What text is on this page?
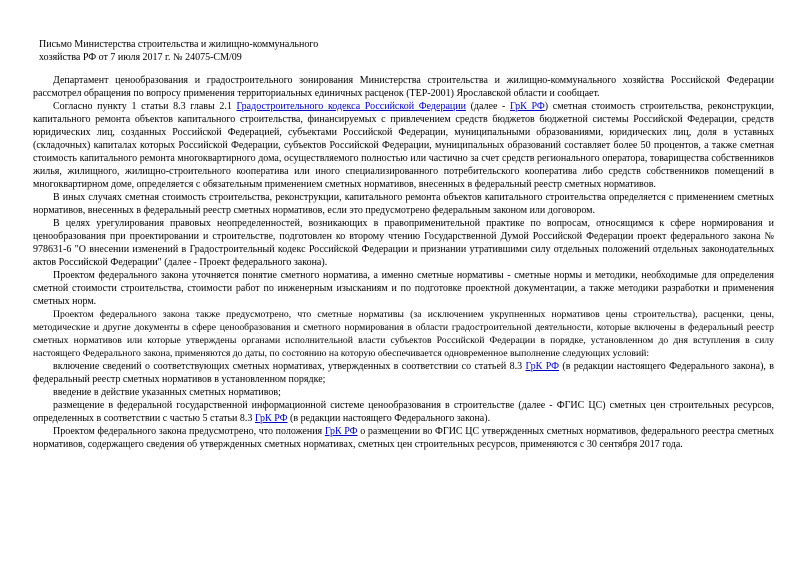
Письмо Министерства строительства и жилищно-коммунального
хозяйства РФ от 7 июля 2017 г. № 24075-СМ/09

Департамент ценообразования и градостроительного зонирования Министерства строительства и жилищно-коммунального хозяйства Российской Федерации рассмотрел обращения по вопросу применения территориальных единичных расценок (ТЕР-2001) Ярославской области и сообщает.

Согласно пункту 1 статьи 8.3 главы 2.1 Градостроительного кодекса Российской Федерации (далее - ГрК РФ) сметная стоимость строительства, реконструкции, капитального ремонта объектов капитального строительства, финансируемых с привлечением средств бюджетов бюджетной системы Российской Федерации, средств юридических лиц, созданных Российской Федерацией, субъектами Российской Федерации, муниципальными образованиями, юридических лиц, доля в уставных (складочных) капиталах которых Российской Федерации, субъектов Российской Федерации, муниципальных образований составляет более 50 процентов, а также сметная стоимость капитального ремонта многоквартирного дома, осуществляемого полностью или частично за счет средств регионального оператора, товарищества собственников жилья, жилищного, жилищно-строительного кооператива или иного специализированного потребительского кооператива либо средств собственников помещений в многоквартирном доме, определяется с обязательным применением сметных нормативов, внесенных в федеральный реестр сметных нормативов.

В иных случаях сметная стоимость строительства, реконструкции, капитального ремонта объектов капитального строительства определяется с применением сметных нормативов, внесенных в федеральный реестр сметных нормативов, если это предусмотрено федеральным законом или договором.

В целях урегулирования правовых неопределенностей, возникающих в правоприменительной практике по вопросам, относящимся к сфере нормирования и ценообразования при проектировании и строительстве, подготовлен ко второму чтению Государственной Думой Российской Федерации проект федерального закона № 978631-6 "О внесении изменений в Градостроительный кодекс Российской Федерации и признании утратившими силу отдельных положений отдельных законодательных актов Российской Федерации" (далее - Проект федерального закона).

Проектом федерального закона уточняется понятие сметного норматива, а именно сметные нормативы - сметные нормы и методики, необходимые для определения сметной стоимости строительства, стоимости работ по инженерным изысканиям и по подготовке проектной документации, а также методики разработки и применения сметных норм.

Проектом федерального закона также предусмотрено, что сметные нормативы (за исключением укрупненных нормативов цены строительства), расценки, цены, методические и другие документы в сфере ценообразования и сметного нормирования в области градостроительной деятельности, которые включены в федеральный реестр сметных нормативов или которые утверждены органами исполнительной власти субъектов Российской Федерации в порядке, установленном до дня вступления в силу настоящего Федерального закона, применяются до даты, по состоянию на которую обеспечивается одновременное выполнение следующих условий:

включение сведений о соответствующих сметных нормативах, утвержденных в соответствии со статьей 8.3 ГрК РФ (в редакции настоящего Федерального закона), в федеральный реестр сметных нормативов в установленном порядке;

введение в действие указанных сметных нормативов;

размещение в федеральной государственной информационной системе ценообразования в строительстве (далее - ФГИС ЦС) сметных цен строительных ресурсов, определенных в соответствии с частью 5 статьи 8.3 ГрК РФ (в редакции настоящего Федерального закона).

Проектом федерального закона предусмотрено, что положения ГрК РФ о размещении во ФГИС ЦС утвержденных сметных нормативов, федерального реестра сметных нормативов, содержащего сведения об утвержденных сметных нормативах, сметных цен строительных ресурсов, применяются с 30 сентября 2017 года.
